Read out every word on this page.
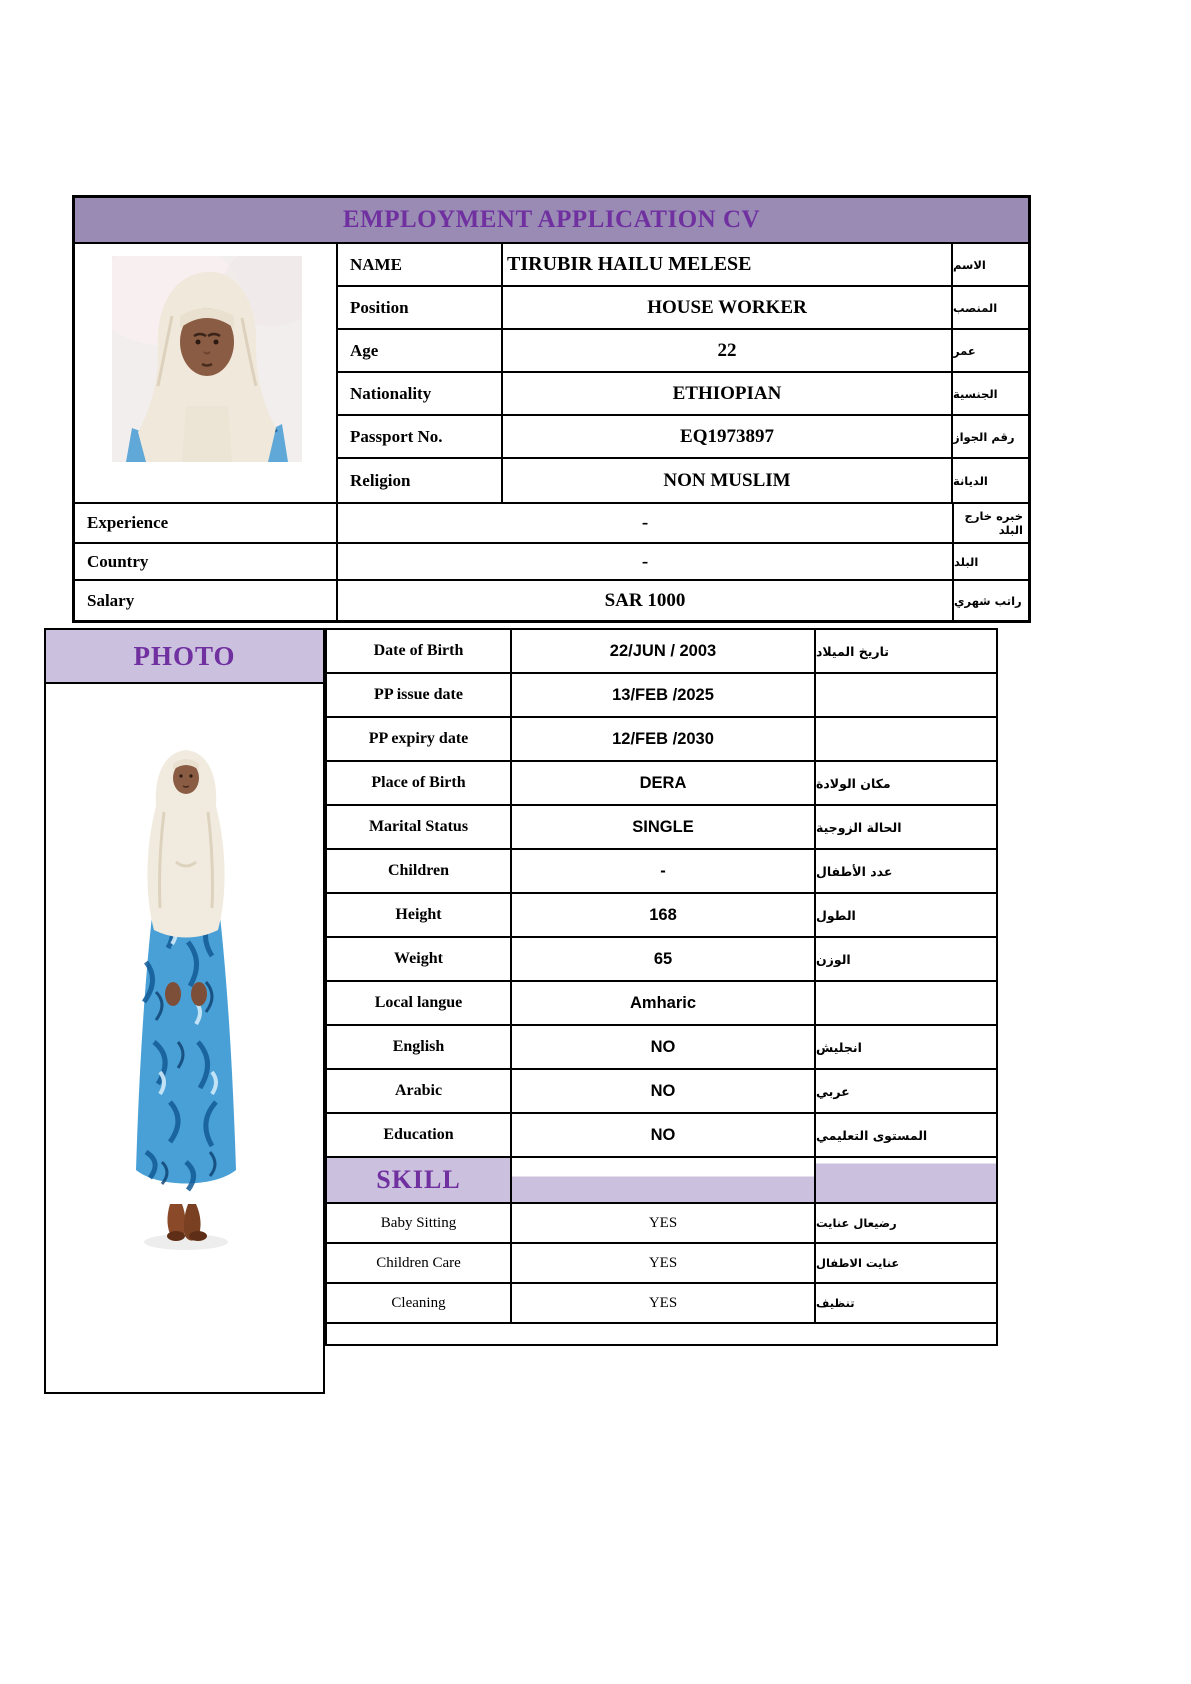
EMPLOYMENT APPLICATION CV
NAME	TIRUBIR HAILU MELESE	الاسم
Position	HOUSE WORKER	المنصب
Age	22	عمر
Nationality	ETHIOPIAN	الجنسية
Passport No.	EQ1973897	رقم الجواز
Religion	NON MUSLIM	الديانة
Experience	-	خبره خارج البلد
Country	-	البلد
Salary	SAR 1000	راتب شهري
PHOTO	Date of Birth	22/JUN / 2003	تاريخ الميلاد
PP issue date	13/FEB /2025
PP expiry date	12/FEB /2030
Place of Birth	DERA	مكان الولادة
Marital Status	SINGLE	الحالة الزوجية
Children	-	عدد الأطفال
Height	168	الطول
Weight	65	الوزن
Local langue	Amharic
English	NO	انجليش
Arabic	NO	عربي
Education	NO	المستوى التعليمي
SKILL
Baby Sitting	YES	رضيعال عنايت
Children Care	YES	عنايت الاطفال
Cleaning	YES	تنظيف
